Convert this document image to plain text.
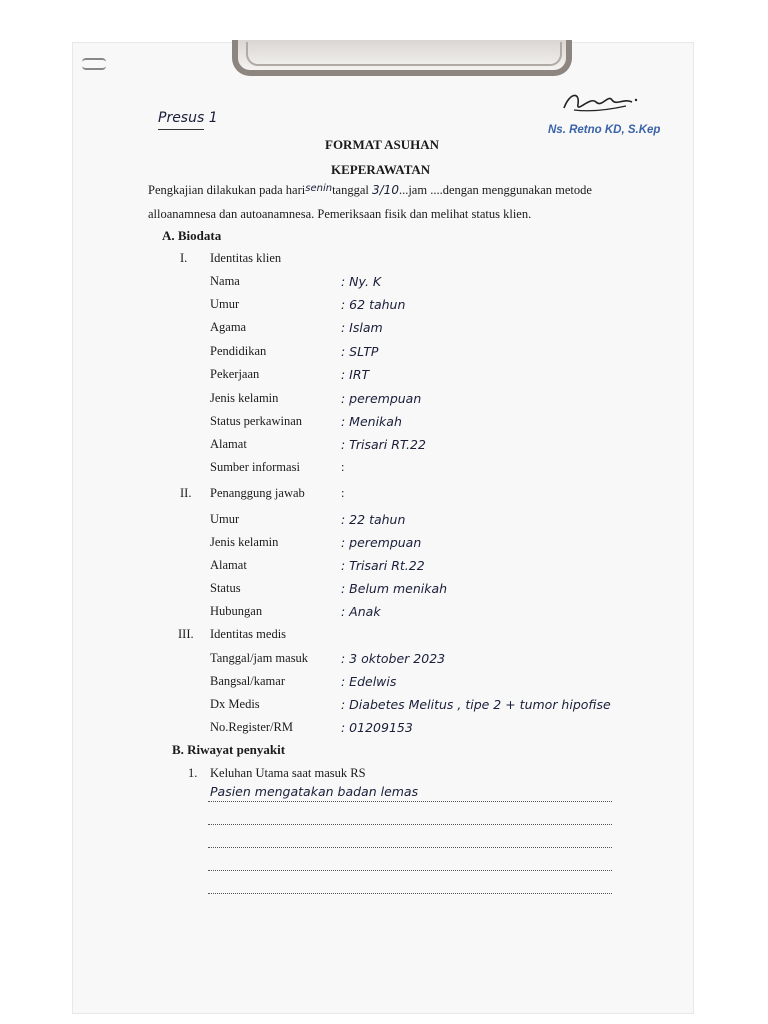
Presus 1
Ns. Retno KD, S.Kep
FORMAT ASUHAN
KEPERAWATAN
Pengkajian dilakukan pada hari$^{senin}$tanggal 3/10...jam ....dengan menggunakan metode
alloanamnesa dan autoanamnesa. Pemeriksaan fisik dan melihat status klien.
A. Biodata
I. Identitas klien
Nama	: Ny. K
Umur	: 62 tahun
Agama	: Islam
Pendidikan	: SLTP
Pekerjaan	: IRT
Jenis kelamin	: perempuan
Status perkawinan	: Menikah
Alamat	: Trisari RT.22
Sumber informasi	:
II. Penanggung jawab	:
Umur	: 22 tahun
Jenis kelamin	: perempuan
Alamat	: Trisari Rt.22
Status	: Belum menikah
Hubungan	: Anak
III. Identitas medis
Tanggal/jam masuk	: 3 oktober 2023
Bangsal/kamar	: Edelwis
Dx Medis	: Diabetes Melitus , tipe 2 + tumor hipofise
No.Register/RM	: 01209153
B. Riwayat penyakit
1. Keluhan Utama saat masuk RS
Pasien mengatakan badan lemas
